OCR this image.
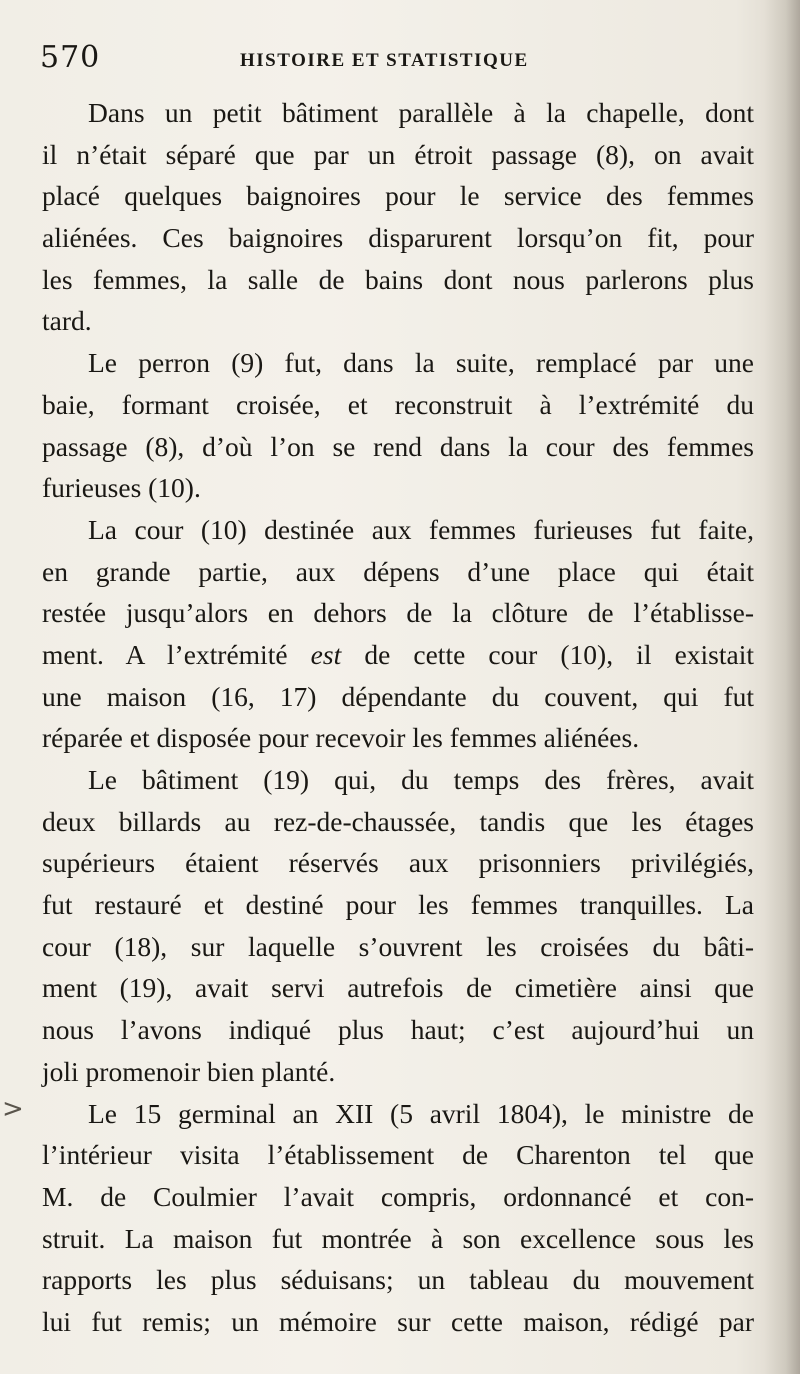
570	HISTOIRE ET STATISTIQUE
>
Dans un petit bâtiment parallèle à la chapelle, dont
il n’était séparé que par un étroit passage (8), on avait
placé quelques baignoires pour le service des femmes
aliénées. Ces baignoires disparurent lorsqu’on fit, pour
les femmes, la salle de bains dont nous parlerons plus
tard.
Le perron (9) fut, dans la suite, remplacé par une
baie, formant croisée, et reconstruit à l’extrémité du
passage (8), d’où l’on se rend dans la cour des femmes
furieuses (10).
La cour (10) destinée aux femmes furieuses fut faite,
en grande partie, aux dépens d’une place qui était
restée jusqu’alors en dehors de la clôture de l’établisse-
ment. A l’extrémité est de cette cour (10), il existait
une maison (16, 17) dépendante du couvent, qui fut
réparée et disposée pour recevoir les femmes aliénées.
Le bâtiment (19) qui, du temps des frères, avait
deux billards au rez-de-chaussée, tandis que les étages
supérieurs étaient réservés aux prisonniers privilégiés,
fut restauré et destiné pour les femmes tranquilles. La
cour (18), sur laquelle s’ouvrent les croisées du bâti-
ment (19), avait servi autrefois de cimetière ainsi que
nous l’avons indiqué plus haut; c’est aujourd’hui un
joli promenoir bien planté.
Le 15 germinal an XII (5 avril 1804), le ministre de
l’intérieur visita l’établissement de Charenton tel que
M. de Coulmier l’avait compris, ordonnancé et con-
struit. La maison fut montrée à son excellence sous les
rapports les plus séduisans; un tableau du mouvement
lui fut remis; un mémoire sur cette maison, rédigé par
